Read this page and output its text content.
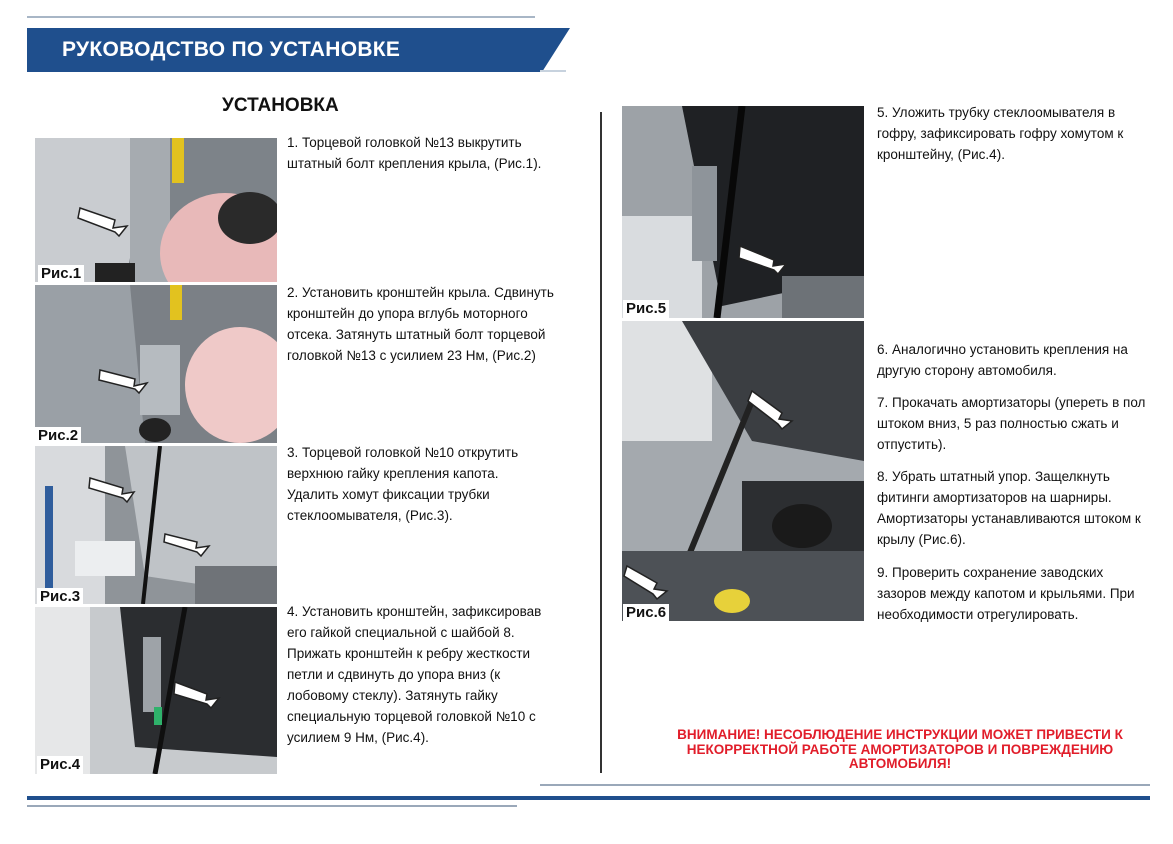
РУКОВОДСТВО ПО УСТАНОВКЕ
УСТАНОВКА
Рис.1
Рис.2
Рис.3
Рис.4
1. Торцевой головкой №13 выкрутить
штатный болт крепления крыла, (Рис.1).
2. Установить кронштейн крыла. Сдвинуть
кронштейн до упора вглубь моторного
отсека. Затянуть штатный болт торцевой
головкой №13 с усилием 23 Нм, (Рис.2)
3. Торцевой головкой №10 открутить
верхнюю гайку крепления капота.
Удалить хомут фиксации трубки
стеклоомывателя, (Рис.3).
4. Установить кронштейн, зафиксировав
его гайкой специальной с шайбой 8.
Прижать кронштейн к ребру жесткости
петли и сдвинуть до упора вниз (к
лобовому стеклу). Затянуть гайку
специальную торцевой головкой №10 с
усилием 9 Нм, (Рис.4).
Рис.5
Рис.6
5. Уложить трубку стеклоомывателя в
гофру, зафиксировать гофру хомутом к
кронштейну, (Рис.4).
6. Аналогично установить крепления на
другую сторону автомобиля.
7. Прокачать амортизаторы (упереть в пол
штоком вниз, 5 раз полностью сжать и
отпустить).
8. Убрать штатный упор. Защелкнуть
фитинги амортизаторов на шарниры.
Амортизаторы устанавливаются штоком к
крылу (Рис.6).
9. Проверить сохранение заводских
зазоров между капотом и крыльями. При
необходимости отрегулировать.
ВНИМАНИЕ! НЕСОБЛЮДЕНИЕ ИНСТРУКЦИИ МОЖЕТ ПРИВЕСТИ К
НЕКОРРЕКТНОЙ РАБОТЕ АМОРТИЗАТОРОВ И ПОВРЕЖДЕНИЮ
АВТОМОБИЛЯ!
